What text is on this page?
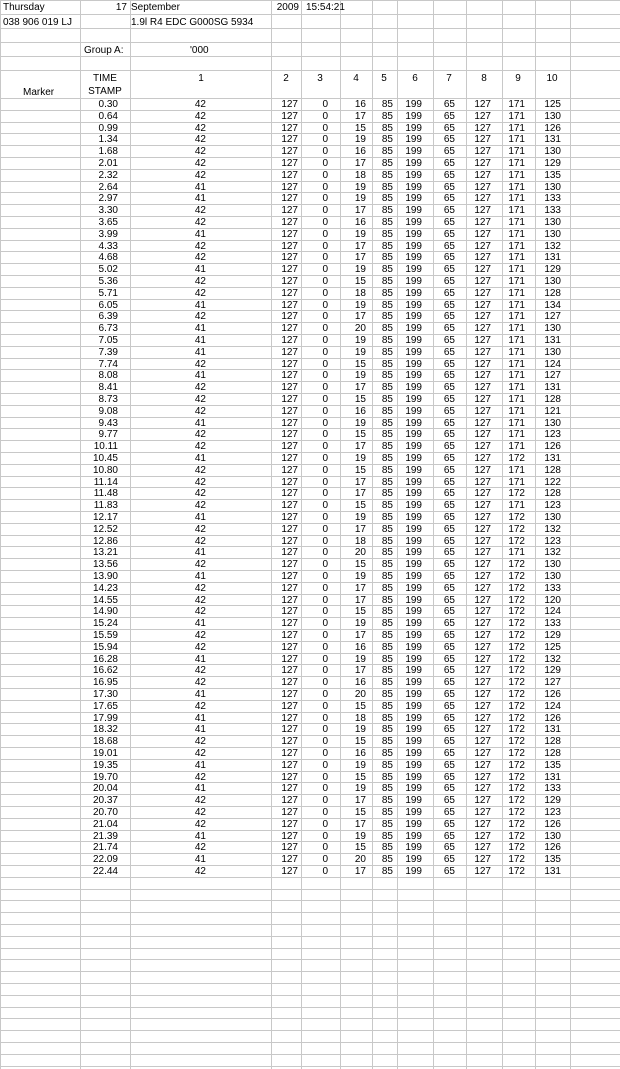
Thursday	17 September	2009 15:54:21
038 906 019 LJ	1.9l R4 EDC G000SG 5934
Group A:	'000
TIME
STAMP
Marker
1	2	3	4	5	6	7	8	9	10
0.30	42	127	0	16	85	199	65	127	171	125
0.64	42	127	0	17	85	199	65	127	171	130
0.99	42	127	0	15	85	199	65	127	171	126
1.34	42	127	0	19	85	199	65	127	171	131
1.68	42	127	0	16	85	199	65	127	171	130
2.01	42	127	0	17	85	199	65	127	171	129
2.32	42	127	0	18	85	199	65	127	171	135
2.64	41	127	0	19	85	199	65	127	171	130
2.97	41	127	0	19	85	199	65	127	171	133
3.30	42	127	0	17	85	199	65	127	171	133
3.65	42	127	0	16	85	199	65	127	171	130
3.99	41	127	0	19	85	199	65	127	171	130
4.33	42	127	0	17	85	199	65	127	171	132
4.68	42	127	0	17	85	199	65	127	171	131
5.02	41	127	0	19	85	199	65	127	171	129
5.36	42	127	0	15	85	199	65	127	171	130
5.71	42	127	0	18	85	199	65	127	171	128
6.05	41	127	0	19	85	199	65	127	171	134
6.39	42	127	0	17	85	199	65	127	171	127
6.73	41	127	0	20	85	199	65	127	171	130
7.05	41	127	0	19	85	199	65	127	171	131
7.39	41	127	0	19	85	199	65	127	171	130
7.74	42	127	0	15	85	199	65	127	171	124
8.08	41	127	0	19	85	199	65	127	171	127
8.41	42	127	0	17	85	199	65	127	171	131
8.73	42	127	0	15	85	199	65	127	171	128
9.08	42	127	0	16	85	199	65	127	171	121
9.43	41	127	0	19	85	199	65	127	171	130
9.77	42	127	0	15	85	199	65	127	171	123
10.11	42	127	0	17	85	199	65	127	171	126
10.45	41	127	0	19	85	199	65	127	172	131
10.80	42	127	0	15	85	199	65	127	171	128
11.14	42	127	0	17	85	199	65	127	171	122
11.48	42	127	0	17	85	199	65	127	172	128
11.83	42	127	0	15	85	199	65	127	171	123
12.17	41	127	0	19	85	199	65	127	172	130
12.52	42	127	0	17	85	199	65	127	172	132
12.86	42	127	0	18	85	199	65	127	172	123
13.21	41	127	0	20	85	199	65	127	171	132
13.56	42	127	0	15	85	199	65	127	172	130
13.90	41	127	0	19	85	199	65	127	172	130
14.23	42	127	0	17	85	199	65	127	172	133
14.55	42	127	0	17	85	199	65	127	172	120
14.90	42	127	0	15	85	199	65	127	172	124
15.24	41	127	0	19	85	199	65	127	172	133
15.59	42	127	0	17	85	199	65	127	172	129
15.94	42	127	0	16	85	199	65	127	172	125
16.28	41	127	0	19	85	199	65	127	172	132
16.62	42	127	0	17	85	199	65	127	172	129
16.95	42	127	0	16	85	199	65	127	172	127
17.30	41	127	0	20	85	199	65	127	172	126
17.65	42	127	0	15	85	199	65	127	172	124
17.99	41	127	0	18	85	199	65	127	172	126
18.32	41	127	0	19	85	199	65	127	172	131
18.68	42	127	0	15	85	199	65	127	172	128
19.01	42	127	0	16	85	199	65	127	172	128
19.35	41	127	0	19	85	199	65	127	172	135
19.70	42	127	0	15	85	199	65	127	172	131
20.04	41	127	0	19	85	199	65	127	172	133
20.37	42	127	0	17	85	199	65	127	172	129
20.70	42	127	0	15	85	199	65	127	172	123
21.04	42	127	0	17	85	199	65	127	172	126
21.39	41	127	0	19	85	199	65	127	172	130
21.74	42	127	0	15	85	199	65	127	172	126
22.09	41	127	0	20	85	199	65	127	172	135
22.44	42	127	0	17	85	199	65	127	172	131
